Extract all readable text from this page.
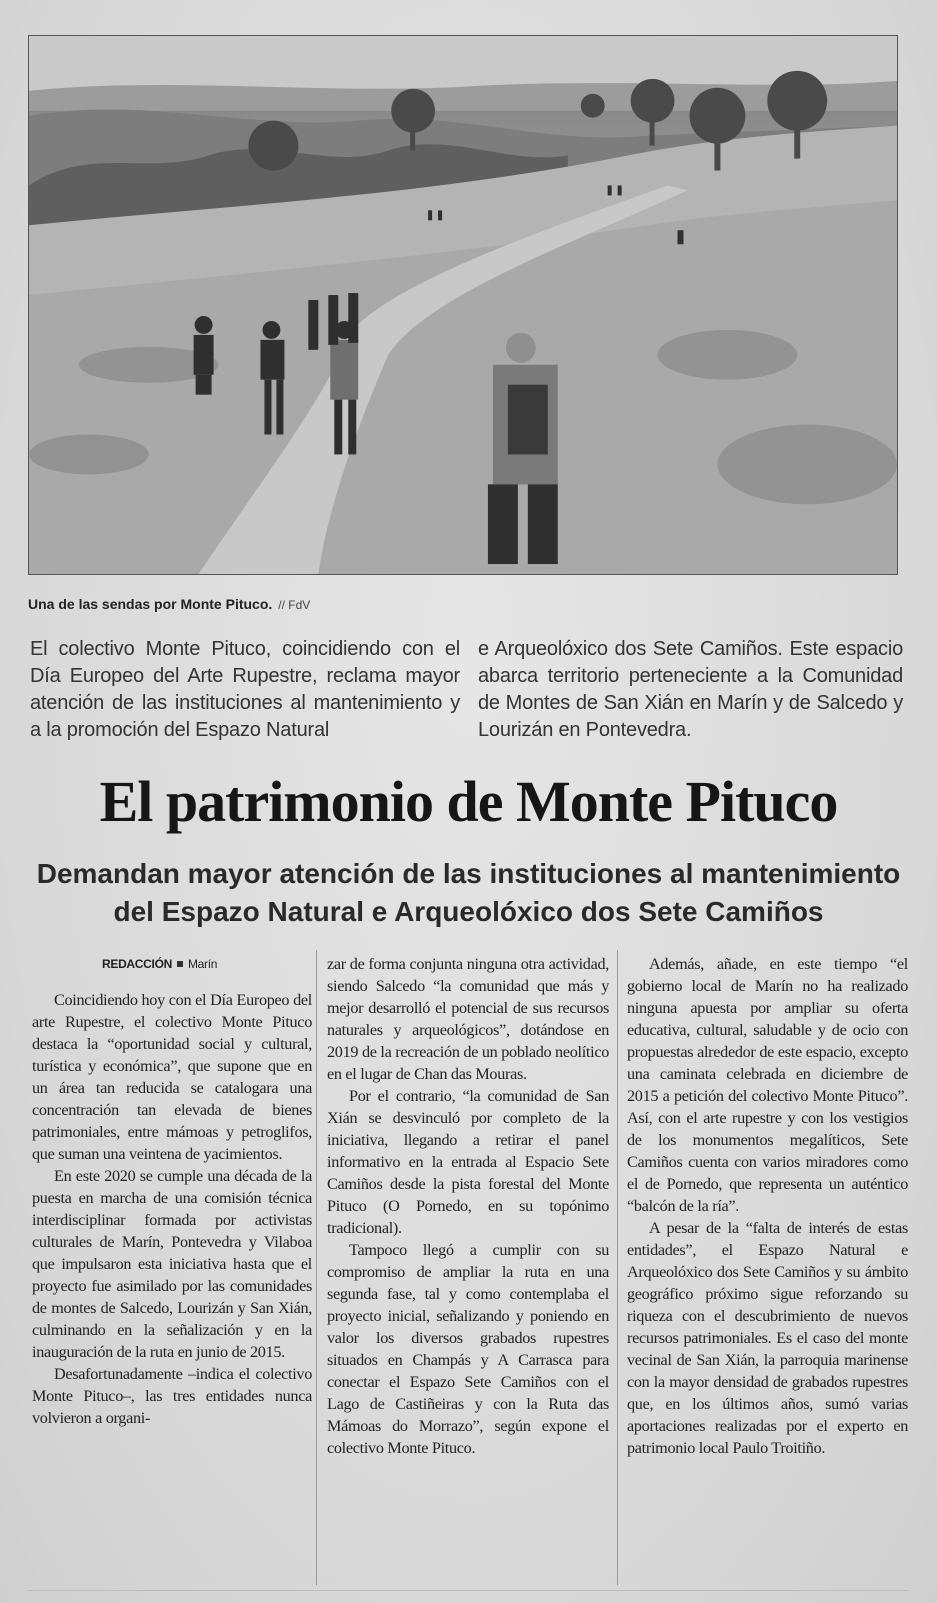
Una de las sendas por Monte Pituco. // FdV
El colectivo Monte Pituco, coincidiendo con el Día Europeo del Arte Rupestre, reclama mayor atención de las instituciones al mantenimiento y a la promoción del Espazo Natural
e Arqueolóxico dos Sete Camiños. Este espacio abarca territorio perteneciente a la Comunidad de Montes de San Xián en Marín y de Salcedo y Lourizán en Pontevedra.
El patrimonio de Monte Pituco
Demandan mayor atención de las instituciones al mantenimiento del Espazo Natural e Arqueolóxico dos Sete Camiños
REDACCIÓN Marín

Coincidiendo hoy con el Día Europeo del arte Rupestre, el colectivo Monte Pituco destaca la “oportunidad social y cultural, turística y económica”, que supone que en un área tan reducida se catalogara una concentración tan elevada de bienes patrimoniales, entre mámoas y petroglifos, que suman una veintena de yacimientos.

En este 2020 se cumple una década de la puesta en marcha de una comisión técnica interdisciplinar formada por activistas culturales de Marín, Pontevedra y Vilaboa que impulsaron esta iniciativa hasta que el proyecto fue asimilado por las comunidades de montes de Salcedo, Lourizán y San Xián, culminando en la señalización y en la inauguración de la ruta en junio de 2015.

Desafortunadamente –indica el colectivo Monte Pituco–, las tres entidades nunca volvieron a organi-

zar de forma conjunta ninguna otra actividad, siendo Salcedo “la comunidad que más y mejor desarrolló el potencial de sus recursos naturales y arqueológicos”, dotándose en 2019 de la recreación de un poblado neolítico en el lugar de Chan das Mouras.

Por el contrario, “la comunidad de San Xián se desvinculó por completo de la iniciativa, llegando a retirar el panel informativo en la entrada al Espacio Sete Camiños desde la pista forestal del Monte Pituco (O Pornedo, en su topónimo tradicional).

Tampoco llegó a cumplir con su compromiso de ampliar la ruta en una segunda fase, tal y como contemplaba el proyecto inicial, señalizando y poniendo en valor los diversos grabados rupestres situados en Champás y A Carrasca para conectar el Espazo Sete Camiños con el Lago de Castiñeiras y con la Ruta das Mámoas do Morrazo”, según expone el colectivo Monte Pituco.

Además, añade, en este tiempo “el gobierno local de Marín no ha realizado ninguna apuesta por ampliar su oferta educativa, cultural, saludable y de ocio con propuestas alrededor de este espacio, excepto una caminata celebrada en diciembre de 2015 a petición del colectivo Monte Pituco”. Así, con el arte rupestre y con los vestigios de los monumentos megalíticos, Sete Camiños cuenta con varios miradores como el de Pornedo, que representa un auténtico “balcón de la ría”.

A pesar de la “falta de interés de estas entidades”, el Espazo Natural e Arqueolóxico dos Sete Camiños y su ámbito geográfico próximo sigue reforzando su riqueza con el descubrimiento de nuevos recursos patrimoniales. Es el caso del monte vecinal de San Xián, la parroquia marinense con la mayor densidad de grabados rupestres que, en los últimos años, sumó varias aportaciones realizadas por el experto en patrimonio local Paulo Troitiño.
